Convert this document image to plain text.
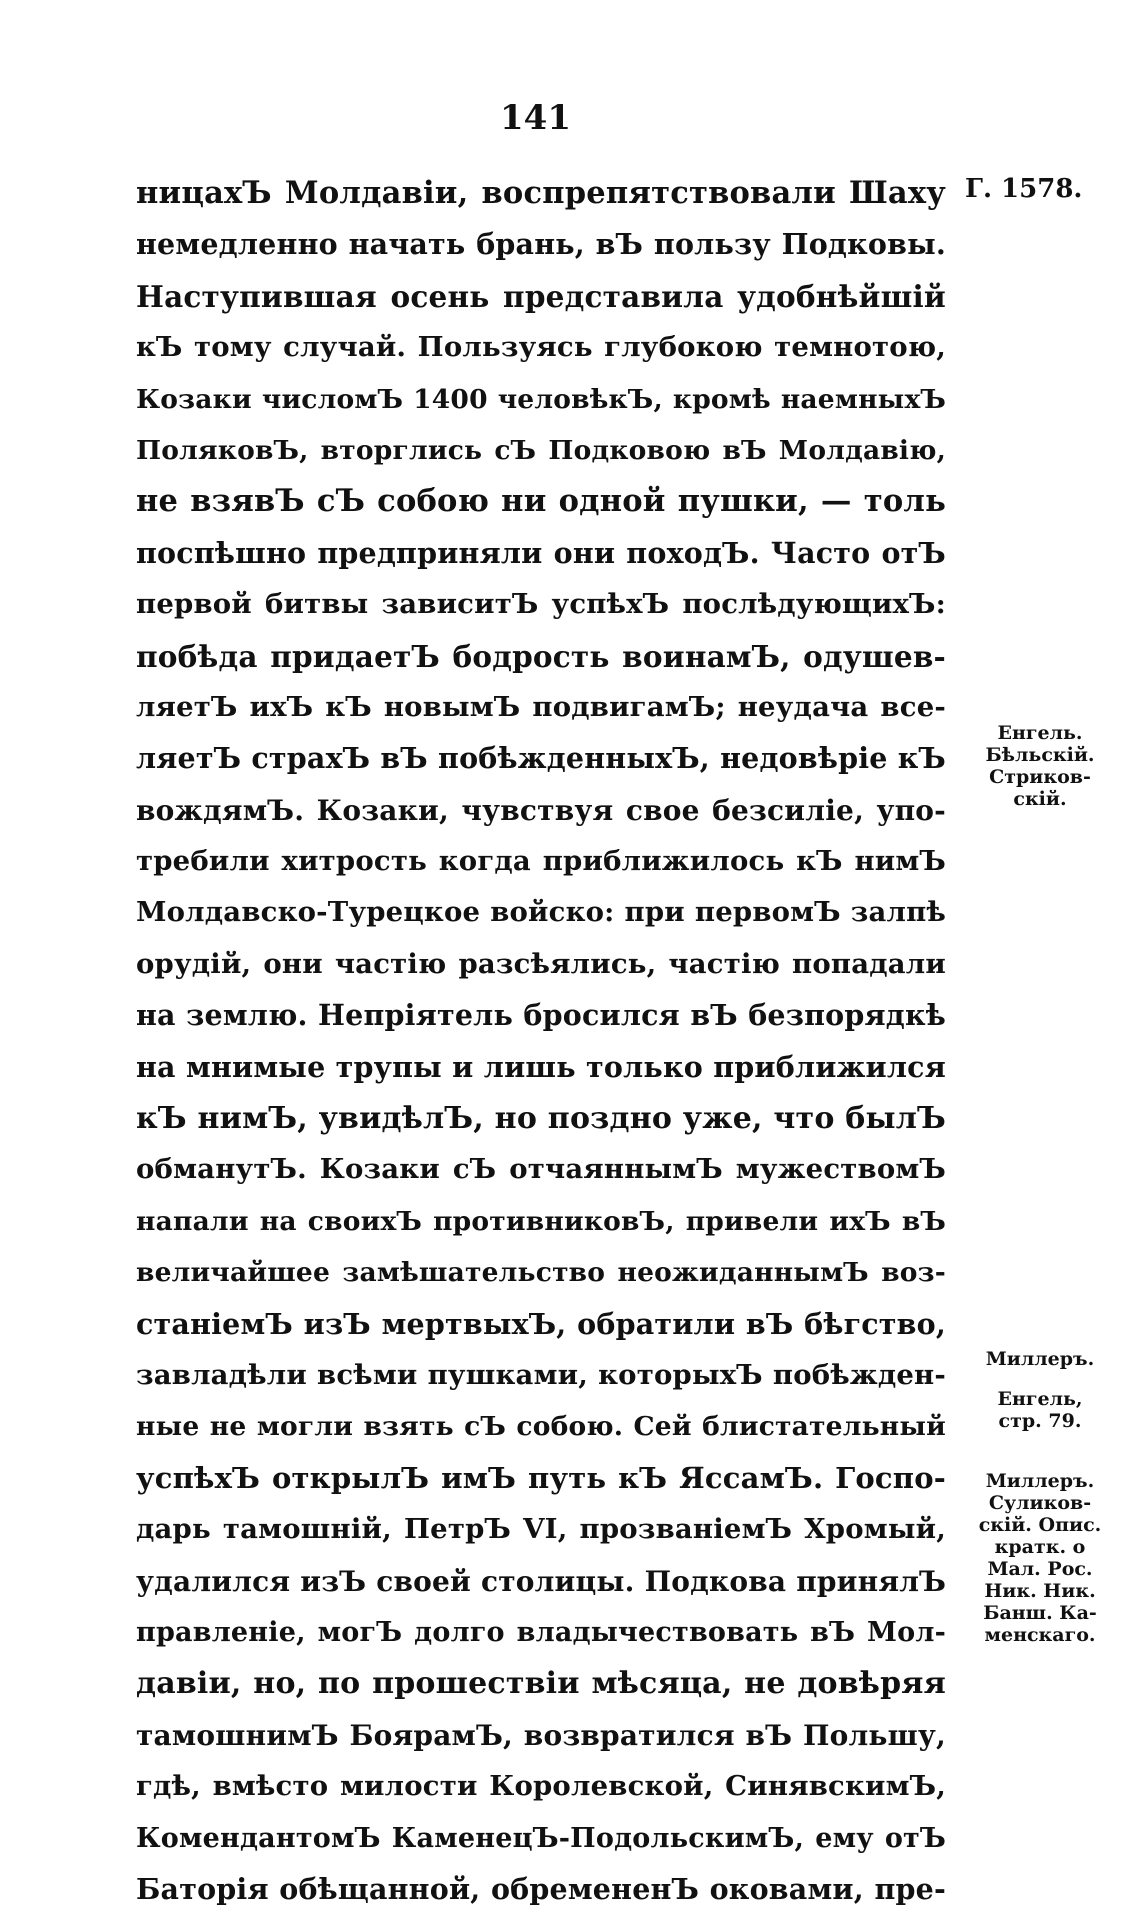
141
ницахЪ Молдавіи, воспрепятствовали Шаху
немедленно начать брань, вЪ пользу Подковы.
Наступившая осень представила удобнѣйшій
кЪ тому случай. Пользуясь глубокою темнотою,
Козаки числомЪ 1400 человѣкЪ, кромѣ наемныхЪ
ПоляковЪ, вторглись сЪ Подковою вЪ Молдавію,
не взявЪ сЪ собою ни одной пушки, — толь
поспѣшно предприняли они походЪ. Часто отЪ
первой битвы зависитЪ успѣхЪ послѣдующихЪ:
побѣда придаетЪ бодрость воинамЪ, одушев-
ляетЪ ихЪ кЪ новымЪ подвигамЪ; неудача все-
ляетЪ страхЪ вЪ побѣжденныхЪ, недовѣріе кЪ
вождямЪ. Козаки, чувствуя свое безсиліе, упо-
требили хитрость когда приближилось кЪ нимЪ
Молдавско-Турецкое войско: при первомЪ залпѣ
орудій, они частію разсѣялись, частію попадали
на землю. Непріятель бросился вЪ безпорядкѣ
на мнимые трупы и лишь только приближился
кЪ нимЪ, увидѣлЪ, но поздно уже, что былЪ
обманутЪ. Козаки сЪ отчаяннымЪ мужествомЪ
напали на своихЪ противниковЪ, привели ихЪ вЪ
величайшее замѣшательство неожиданнымЪ воз-
станіемЪ изЪ мертвыхЪ, обратили вЪ бѣгство,
завладѣли всѣми пушками, которыхЪ побѣжден-
ные не могли взять сЪ собою. Сей блистательный
успѣхЪ открылЪ имЪ путь кЪ ЯссамЪ. Госпо-
дарь тамошній, ПетрЪ VI, прозваніемЪ Хромый,
удалился изЪ своей столицы. Подкова принялЪ
правленіе, могЪ долго владычествовать вЪ Мол-
давіи, но, по прошествіи мѣсяца, не довѣряя
тамошнимЪ БоярамЪ, возвратился вЪ Польшу,
гдѣ, вмѣсто милости Королевской, СинявскимЪ,
КомендантомЪ КаменецЪ-ПодольскимЪ, ему отЪ
Баторія обѣщанной, обремененЪ оковами, пре-
Г. 1578.
Енгель.
Бѣльскій.
Стриков-
скій.
Миллеръ.
Енгель,
стр. 79.
Миллеръ.
Суликов-
скій. Опис.
кратк. о
Мал. Рос.
Ник. Ник.
Банш. Ка-
менскаго.
